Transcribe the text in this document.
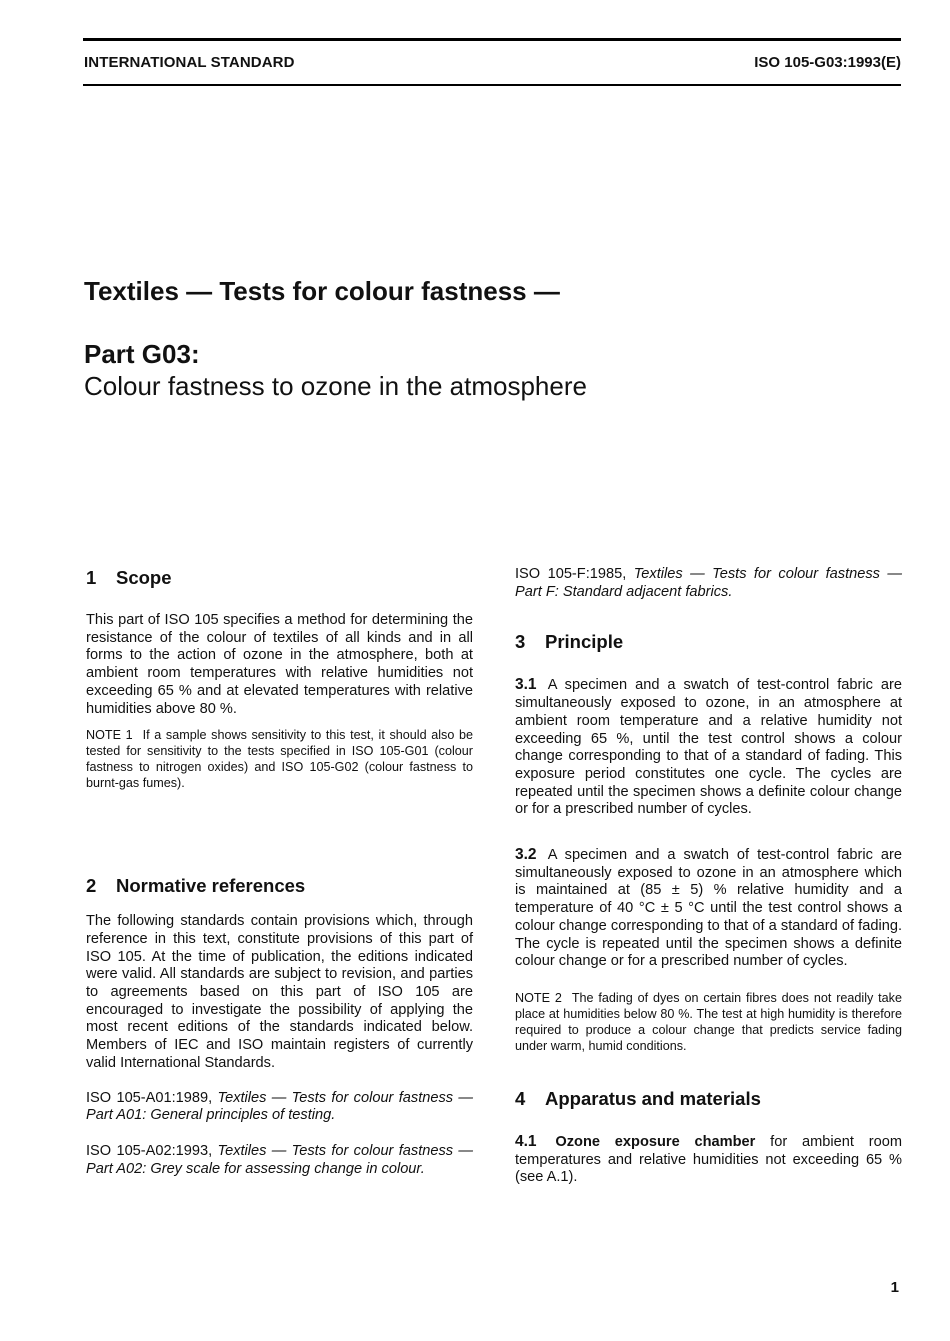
INTERNATIONAL STANDARD	ISO 105-G03:1993(E)
Textiles — Tests for colour fastness —
Part G03:
Colour fastness to ozone in the atmosphere
1 Scope

This part of ISO 105 specifies a method for determining the resistance of the colour of textiles of all kinds and in all forms to the action of ozone in the atmosphere, both at ambient room temperatures with relative humidities not exceeding 65 % and at elevated temperatures with relative humidities above 80 %.

NOTE 1 If a sample shows sensitivity to this test, it should also be tested for sensitivity to the tests specified in ISO 105-G01 (colour fastness to nitrogen oxides) and ISO 105-G02 (colour fastness to burnt-gas fumes).

2 Normative references

The following standards contain provisions which, through reference in this text, constitute provisions of this part of ISO 105. At the time of publication, the editions indicated were valid. All standards are subject to revision, and parties to agreements based on this part of ISO 105 are encouraged to investigate the possibility of applying the most recent editions of the standards indicated below. Members of IEC and ISO maintain registers of currently valid International Standards.

ISO 105-A01:1989, Textiles — Tests for colour fastness — Part A01: General principles of testing.

ISO 105-A02:1993, Textiles — Tests for colour fastness — Part A02: Grey scale for assessing change in colour.

ISO 105-F:1985, Textiles — Tests for colour fastness — Part F: Standard adjacent fabrics.

3 Principle

3.1 A specimen and a swatch of test-control fabric are simultaneously exposed to ozone, in an atmosphere at ambient room temperature and a relative humidity not exceeding 65 %, until the test control shows a colour change corresponding to that of a standard of fading. This exposure period constitutes one cycle. The cycles are repeated until the specimen shows a definite colour change or for a prescribed number of cycles.

3.2 A specimen and a swatch of test-control fabric are simultaneously exposed to ozone in an atmosphere which is maintained at (85 ± 5) % relative humidity and a temperature of 40 °C ± 5 °C until the test control shows a colour change corresponding to that of a standard of fading. The cycle is repeated until the specimen shows a definite colour change or for a prescribed number of cycles.

NOTE 2 The fading of dyes on certain fibres does not readily take place at humidities below 80 %. The test at high humidity is therefore required to produce a colour change that predicts service fading under warm, humid conditions.

4 Apparatus and materials

4.1 Ozone exposure chamber for ambient room temperatures and relative humidities not exceeding 65 % (see A.1).

1
